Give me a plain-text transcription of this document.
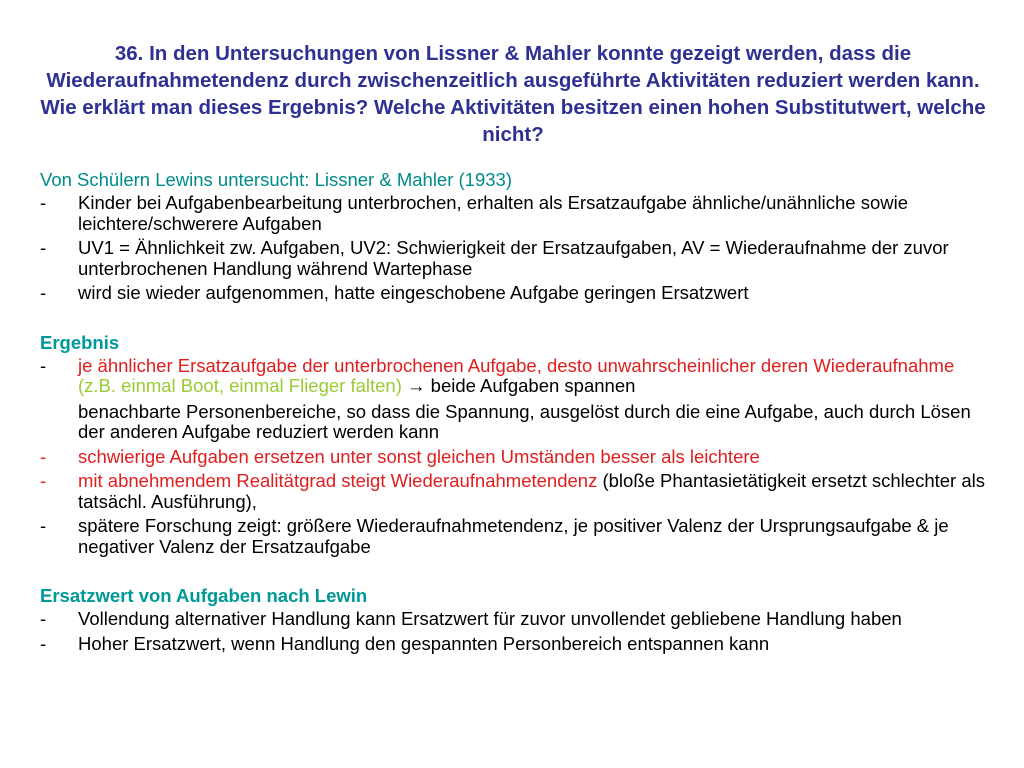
36. In den Untersuchungen von Lissner & Mahler konnte gezeigt werden, dass die Wiederaufnahmetendenz durch zwischenzeitlich ausgeführte Aktivitäten reduziert werden kann. Wie erklärt man dieses Ergebnis? Welche Aktivitäten besitzen einen hohen Substitutwert, welche nicht?

Von Schülern Lewins untersucht: Lissner & Mahler (1933)

-	Kinder bei Aufgabenbearbeitung unterbrochen, erhalten als Ersatzaufgabe ähnliche/unähnliche sowie leichtere/schwerere Aufgaben
-	UV1 = Ähnlichkeit zw. Aufgaben, UV2: Schwierigkeit der Ersatzaufgaben, AV = Wiederaufnahme der zuvor unterbrochenen Handlung während Wartephase
-	wird sie wieder aufgenommen, hatte eingeschobene Aufgabe geringen Ersatzwert

Ergebnis

-	je ähnlicher Ersatzaufgabe der unterbrochenen Aufgabe, desto unwahrscheinlicher deren Wiederaufnahme (z.B. einmal Boot, einmal Flieger falten) → beide Aufgaben spannen
benachbarte Personenbereiche, so dass die Spannung, ausgelöst durch die eine Aufgabe, auch durch Lösen der anderen Aufgabe reduziert werden kann
-	schwierige Aufgaben ersetzen unter sonst gleichen Umständen besser als leichtere
-	mit abnehmendem Realitätgrad steigt Wiederaufnahmetendenz (bloße Phantasietätigkeit ersetzt schlechter als tatsächl. Ausführung),
-	spätere Forschung zeigt: größere Wiederaufnahmetendenz, je positiver Valenz der Ursprungsaufgabe & je negativer Valenz der Ersatzaufgabe

Ersatzwert von Aufgaben nach Lewin

-	Vollendung alternativer Handlung kann Ersatzwert für zuvor unvollendet gebliebene Handlung haben
-	Hoher Ersatzwert, wenn Handlung den gespannten Personbereich entspannen kann
